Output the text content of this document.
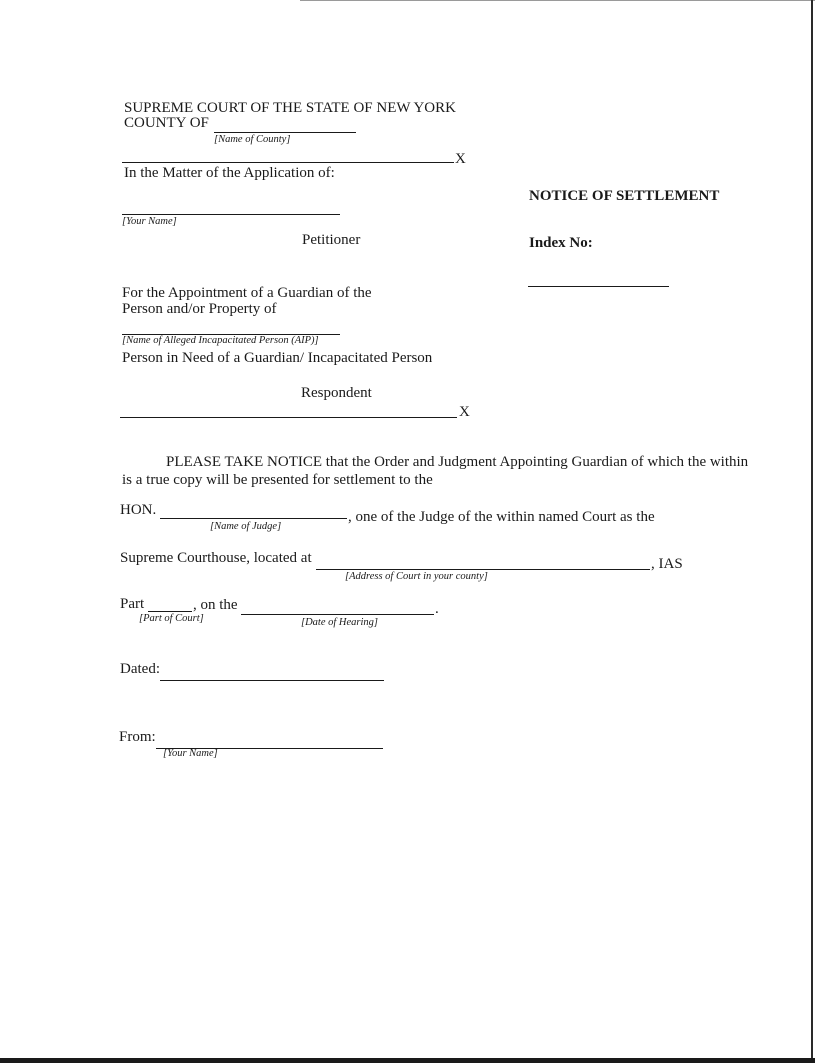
SUPREME COURT OF THE STATE OF NEW YORK
COUNTY OF
[Name of County]
X
In the Matter of the Application of:
[Your Name]
Petitioner
For the Appointment of a Guardian of the
Person and/or Property of
[Name of Alleged Incapacitated Person (AIP)]
Person in Need of a Guardian/ Incapacitated Person
Respondent
X
NOTICE OF SETTLEMENT
Index No:
PLEASE TAKE NOTICE that the Order and Judgment Appointing Guardian of which the within
is a true copy will be presented for settlement to the
HON.	, one of the Judge of the within named Court as the
[Name of Judge]
Supreme Courthouse, located at	, IAS
[Address of Court in your county]
Part	, on the	.
[Part of Court]	[Date of Hearing]
Dated:
From:
[Your Name]
